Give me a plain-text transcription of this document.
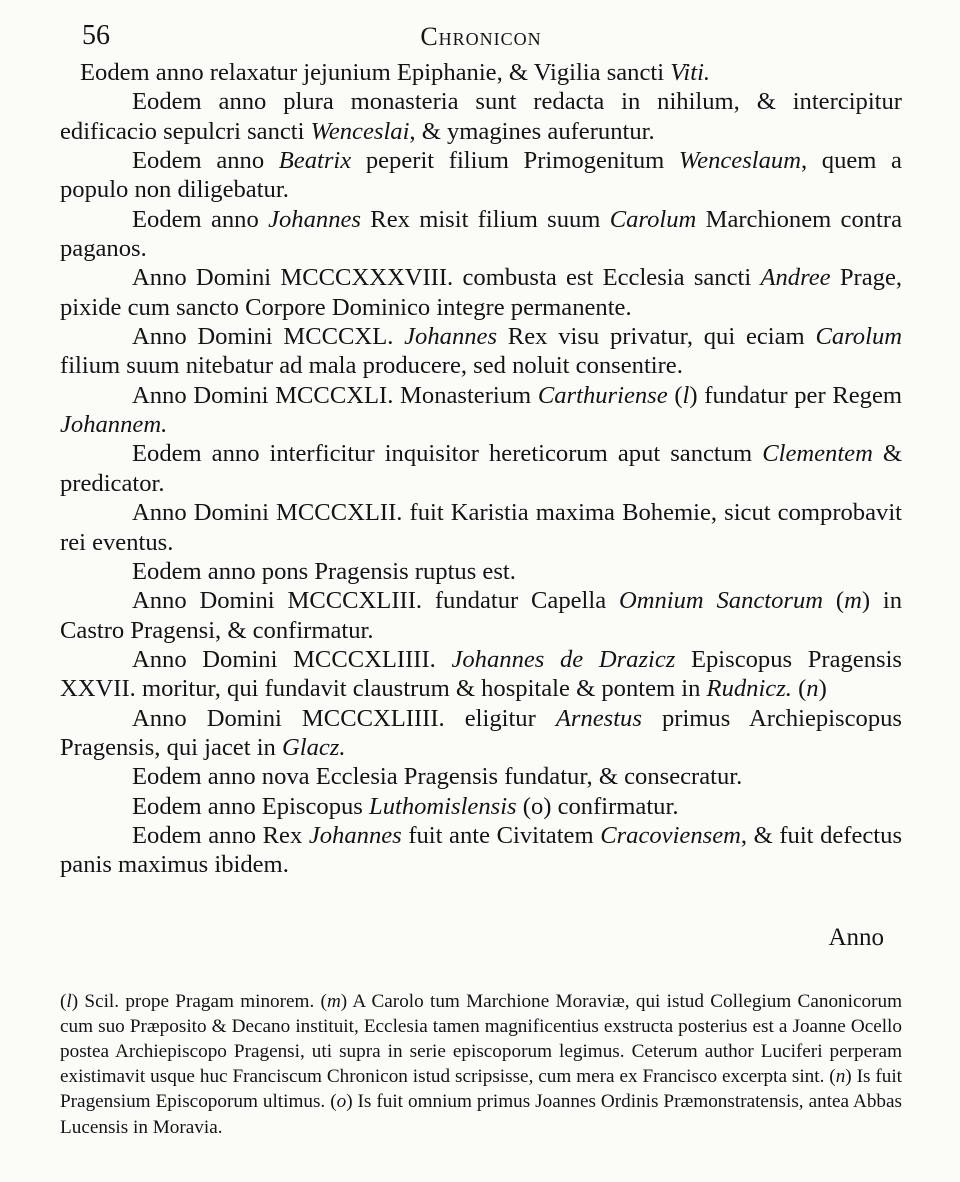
56	Chronicon

Eodem anno relaxatur jejunium Epiphanie, & Vigilia sancti Viti.

Eodem anno plura monasteria sunt redacta in nihilum, & intercipitur edificacio sepulcri sancti Wenceslai, & ymagines auferuntur.

Eodem anno Beatrix peperit filium Primogenitum Wenceslaum, quem a populo non diligebatur.

Eodem anno Johannes Rex misit filium suum Carolum Marchionem contra paganos.

Anno Domini MCCCXXXVIII. combusta est Ecclesia sancti Andree Prage, pixide cum sancto Corpore Dominico integre permanente.

Anno Domini MCCCXL. Johannes Rex visu privatur, qui eciam Carolum filium suum nitebatur ad mala producere, sed noluit consentire.

Anno Domini MCCCXLI. Monasterium Carthuriense (l) fundatur per Regem Johannem.

Eodem anno interficitur inquisitor hereticorum aput sanctum Clementem & predicator.

Anno Domini MCCCXLII. fuit Karistia maxima Bohemie, sicut comprobavit rei eventus.

Eodem anno pons Pragensis ruptus est.

Anno Domini MCCCXLIII. fundatur Capella Omnium Sanctorum (m) in Castro Pragensi, & confirmatur.

Anno Domini MCCCXLIIII. Johannes de Drazicz Episcopus Pragensis XXVII. moritur, qui fundavit claustrum & hospitale & pontem in Rudnicz. (n)

Anno Domini MCCCXLIIII. eligitur Arnestus primus Archiepiscopus Pragensis, qui jacet in Glacz.

Eodem anno nova Ecclesia Pragensis fundatur, & consecratur.

Eodem anno Episcopus Luthomislensis (o) confirmatur.

Eodem anno Rex Johannes fuit ante Civitatem Cracoviensem, & fuit defectus panis maximus ibidem.

Anno

(l) Scil. prope Pragam minorem. (m) A Carolo tum Marchione Moraviæ, qui istud Collegium Canonicorum cum suo Præposito & Decano instituit, Ecclesia tamen magnificentius exstructa posterius est a Joanne Ocello postea Archiepiscopo Pragensi, uti supra in serie episcoporum legimus. Ceterum author Luciferi perperam existimavit usque huc Franciscum Chronicon istud scripsisse, cum mera ex Francisco excerpta sint. (n) Is fuit Pragensium Episcoporum ultimus. (o) Is fuit omnium primus Joannes Ordinis Præmonstratensis, antea Abbas Lucensis in Moravia.
